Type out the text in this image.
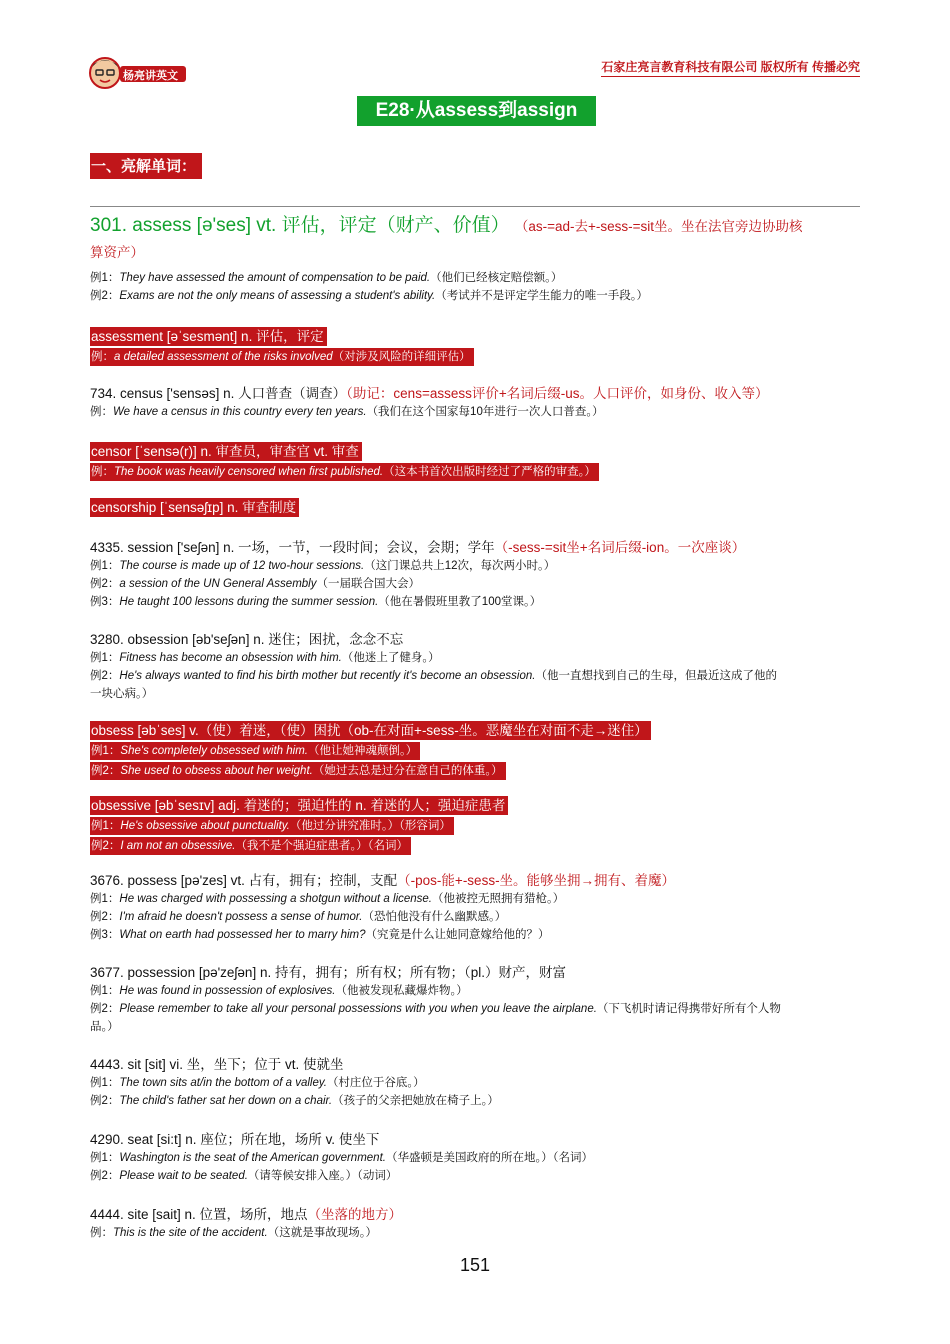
杨亮讲英文
石家庄亮言教育科技有限公司 版权所有 传播必究
E28·从assess到assign
一、亮解单词：
301. assess [ə'ses] vt. 评估，评定（财产、价值） （as-=ad-去+-sess-=sit坐。坐在法官旁边协助核
算资产）
例1：They have assessed the amount of compensation to be paid.（他们已经核定赔偿额。）
例2：Exams are not the only means of assessing a student's ability.（考试并不是评定学生能力的唯一手段。）
assessment [əˈsesmənt] n. 评估，评定
例：a detailed assessment of the risks involved（对涉及风险的详细评估）
734. census ['sensəs] n. 人口普查（调查）（助记：cens=assess评价+名词后缀-us。人口评价，如身份、收入等）
例：We have a census in this country every ten years.（我们在这个国家每10年进行一次人口普查。）
censor [ˈsensə(r)] n. 审查员，审查官 vt. 审查
例：The book was heavily censored when first published.（这本书首次出版时经过了严格的审查。）
censorship [ˈsensəʃɪp] n. 审查制度
4335. session ['seʃən] n. 一场，一节，一段时间；会议，会期；学年（-sess-=sit坐+名词后缀-ion。一次座谈）
例1：The course is made up of 12 two-hour sessions.（这门课总共上12次，每次两小时。）
例2：a session of the UN General Assembly（一届联合国大会）
例3：He taught 100 lessons during the summer session.（他在暑假班里教了100堂课。）
3280. obsession [əb'seʃən] n. 迷住；困扰，念念不忘
例1：Fitness has become an obsession with him.（他迷上了健身。）
例2：He's always wanted to find his birth mother but recently it's become an obsession.（他一直想找到自己的生母，但最近这成了他的
一块心病。）
obsess [əbˈses] v.（使）着迷，（使）困扰（ob-在对面+-sess-坐。恶魔坐在对面不走→迷住）
例1：She's completely obsessed with him.（他让她神魂颠倒。）
例2：She used to obsess about her weight.（她过去总是过分在意自己的体重。）
obsessive [əbˈsesɪv] adj. 着迷的；强迫性的 n. 着迷的人；强迫症患者
例1：He's obsessive about punctuality.（他过分讲究准时。）（形容词）
例2：I am not an obsessive.（我不是个强迫症患者。）（名词）
3676. possess [pə'zes] vt. 占有，拥有；控制，支配（-pos-能+-sess-坐。能够坐拥→拥有、着魔）
例1：He was charged with possessing a shotgun without a license.（他被控无照拥有猎枪。）
例2：I'm afraid he doesn't possess a sense of humor.（恐怕他没有什么幽默感。）
例3：What on earth had possessed her to marry him?（究竟是什么让她同意嫁给他的？）
3677. possession [pə'zeʃən] n. 持有，拥有；所有权；所有物；（pl.）财产，财富
例1：He was found in possession of explosives.（他被发现私藏爆炸物。）
例2：Please remember to take all your personal possessions with you when you leave the airplane.（下飞机时请记得携带好所有个人物
品。）
4443. sit [sit] vi. 坐，坐下；位于 vt. 使就坐
例1：The town sits at/in the bottom of a valley.（村庄位于谷底。）
例2：The child's father sat her down on a chair.（孩子的父亲把她放在椅子上。）
4290. seat [si:t] n. 座位；所在地，场所 v. 使坐下
例1：Washington is the seat of the American government.（华盛顿是美国政府的所在地。）（名词）
例2：Please wait to be seated.（请等候安排入座。）（动词）
4444. site [sait] n. 位置，场所，地点（坐落的地方）
例：This is the site of the accident.（这就是事故现场。）
151
